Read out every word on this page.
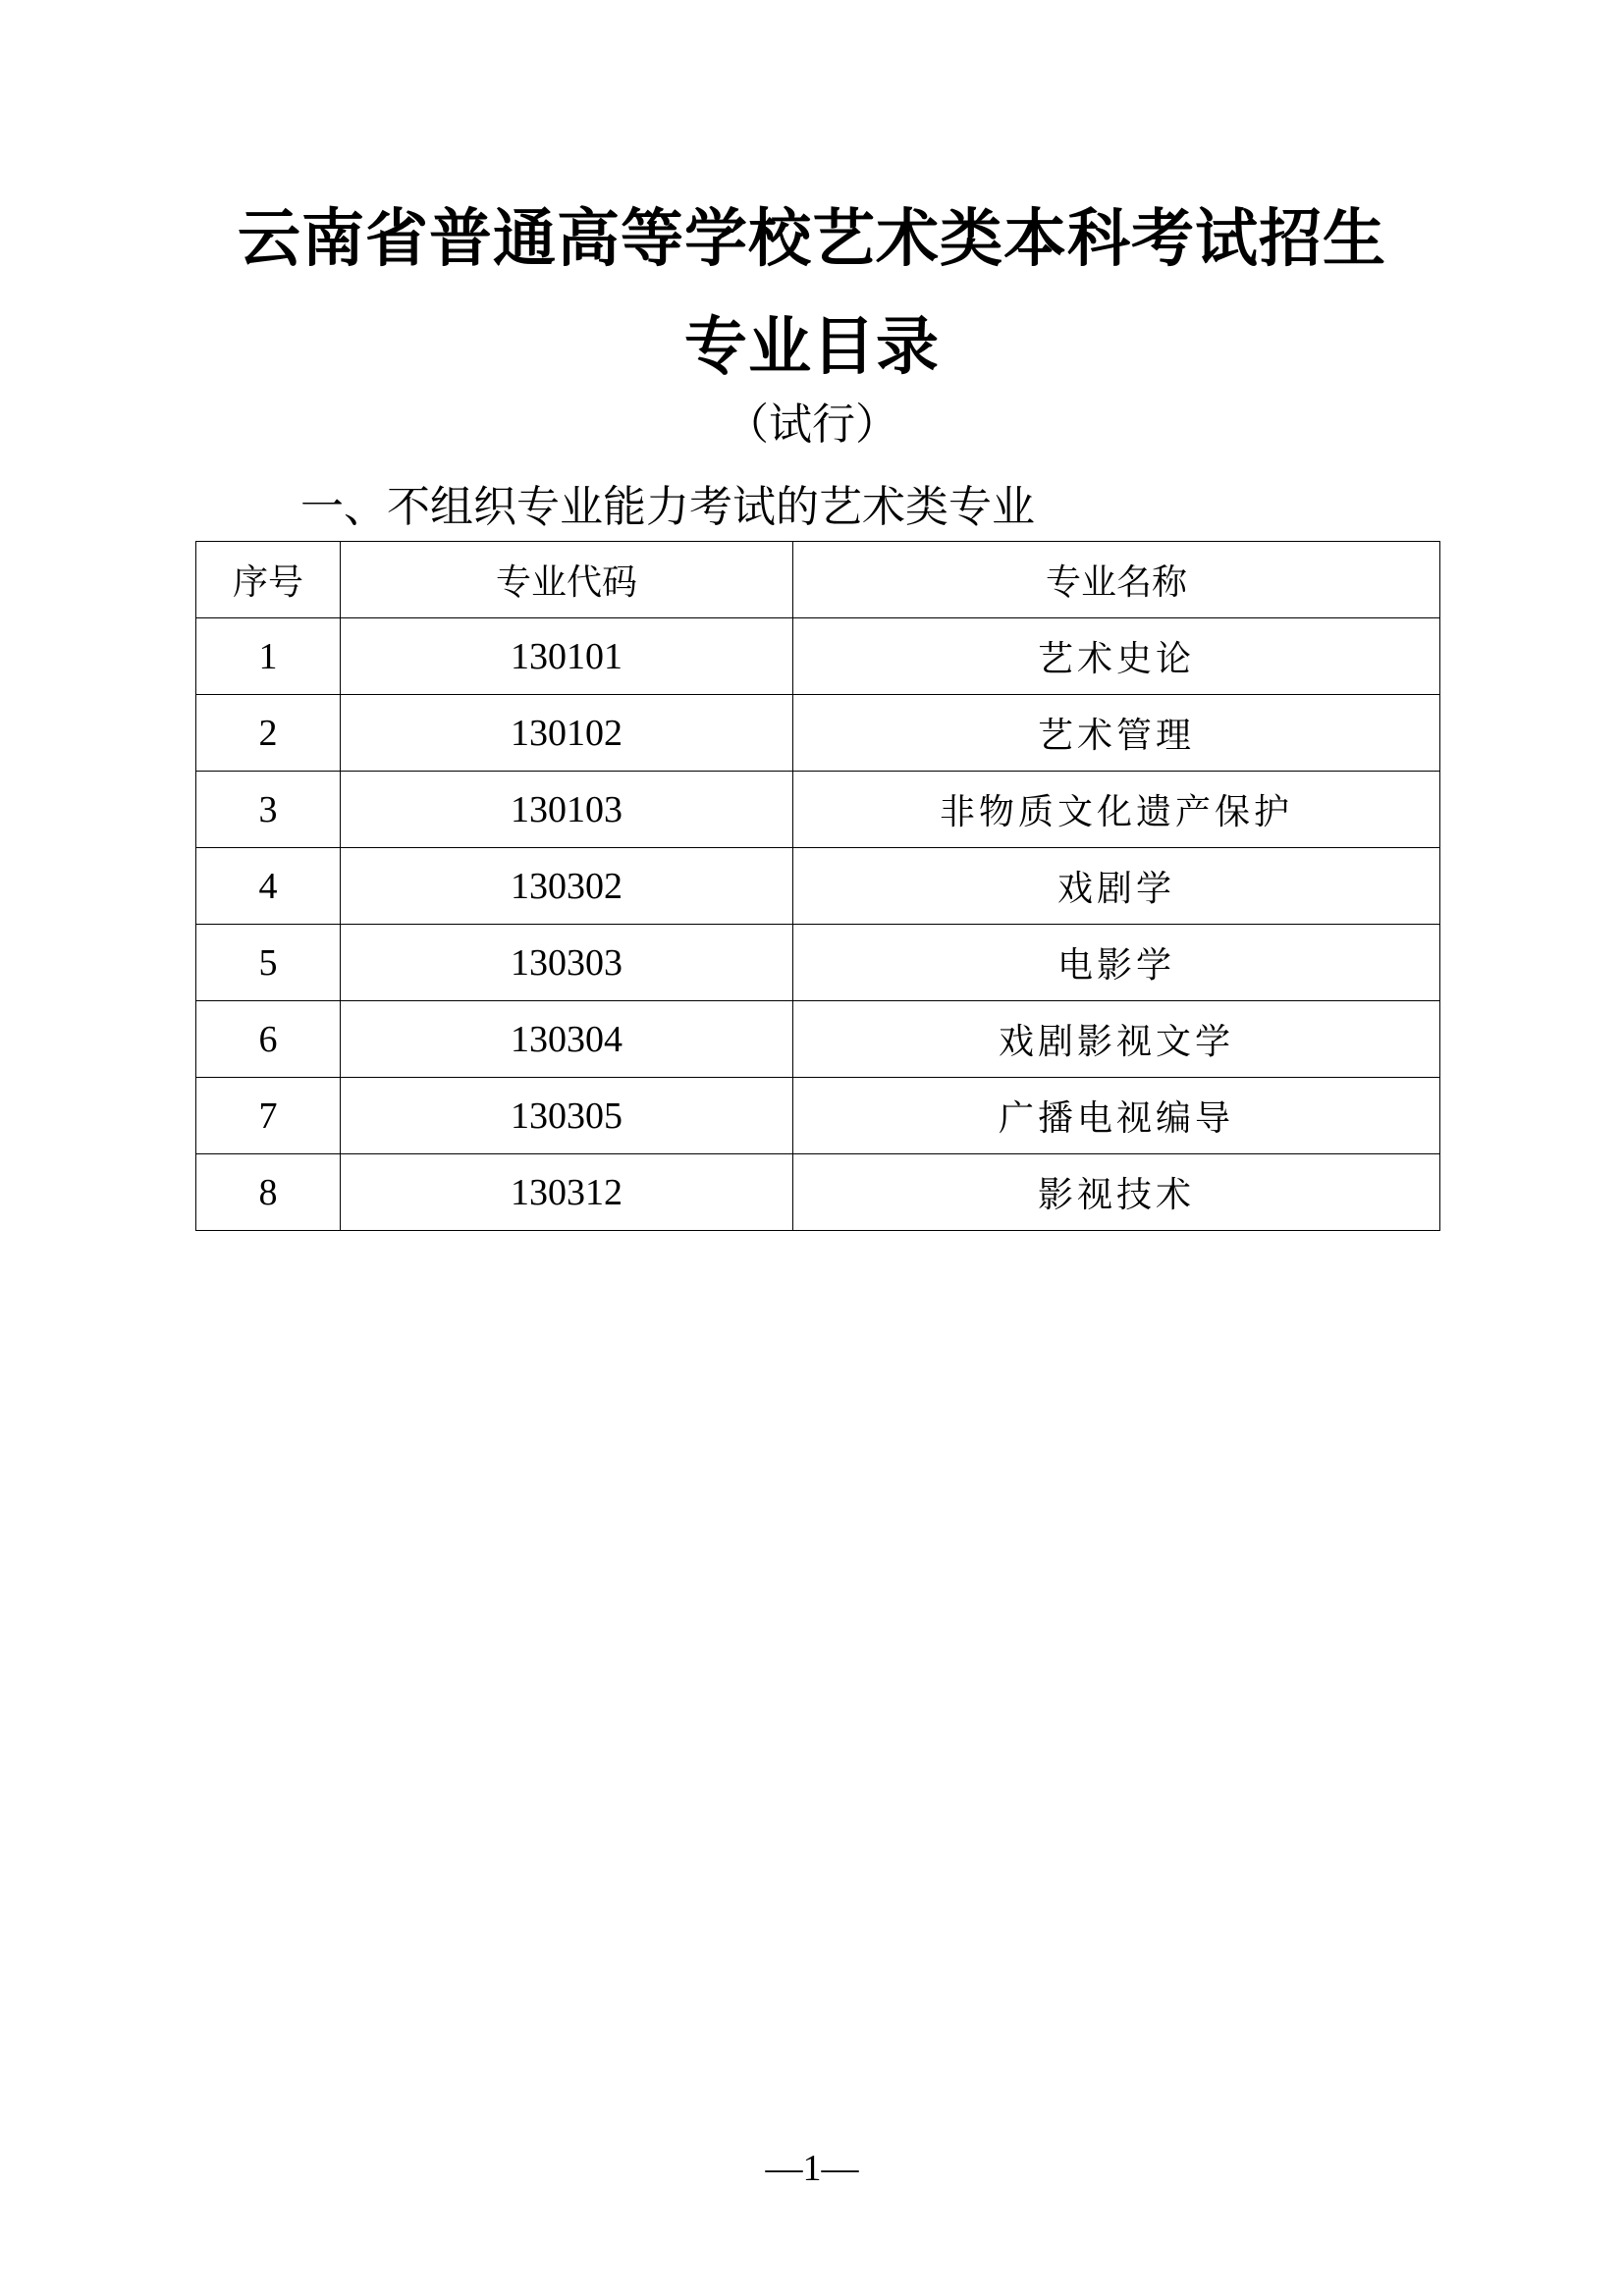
云南省普通高等学校艺术类本科考试招生
专业目录
（试行）
一、不组织专业能力考试的艺术类专业
序号	专业代码	专业名称
1	130101	艺术史论
2	130102	艺术管理
3	130103	非物质文化遗产保护
4	130302	戏剧学
5	130303	电影学
6	130304	戏剧影视文学
7	130305	广播电视编导
8	130312	影视技术
—1—
